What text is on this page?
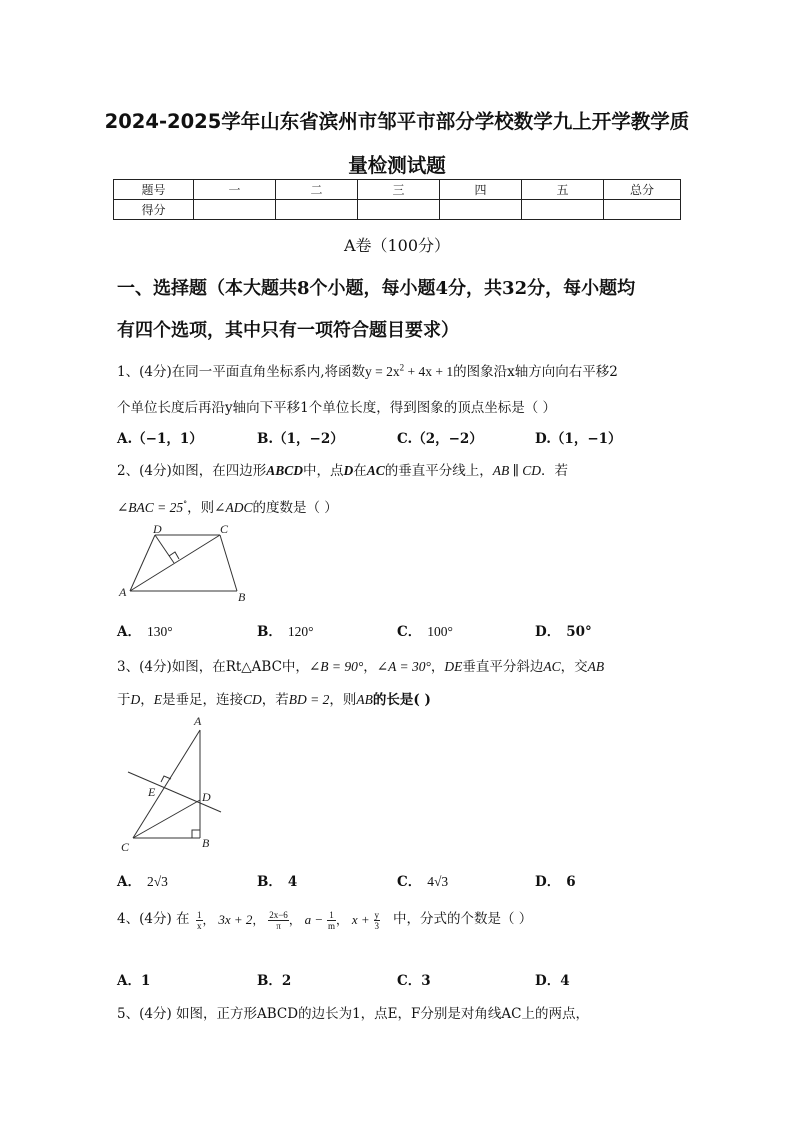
2024-2025学年山东省滨州市邹平市部分学校数学九上开学教学质
量检测试题
题号	一	二	三	四	五	总分
得分						
A卷（100分）
一、选择题（本大题共8个小题，每小题4分，共32分，每小题均
有四个选项，其中只有一项符合题目要求）
1、(4分)在同一平面直角坐标系内,将函数$y = 2x^2 + 4x + 1$的图象沿x轴方向向右平移2
个单位长度后再沿y轴向下平移1个单位长度，得到图象的顶点坐标是（ ）
A.（−1，1）	B.（1，−2）	C.（2，−2）	D.（1，−1）
2、(4分)如图，在四边形ABCD中，点D在AC的垂直平分线上，AB ∥ CD．若
∠BAC = 25°，则∠ADC的度数是（ ）
D	C
A	B
A． 130°	B． 120°	C． 100°	D． 50°
3、(4分)如图，在Rt△ABC中，∠B = 90°，∠A = 30°，DE垂直平分斜边AC，交AB
于D，E是垂足，连接CD，若BD = 2，则AB的长是( )
A
E	D
C	B
A． 2√3	B． 4	C． 4√3	D． 6
4、(4分) 在 $\frac{1}{x}$ ， 3x + 2， $\frac{2x-6}{\pi}$ ， $a - \frac{1}{m}$ ， $x + \frac{y}{3}$ 中，分式的个数是（ ）
A．1	B．2	C．3	D．4
5、(4分) 如图，正方形ABCD的边长为1，点E，F分别是对角线AC上的两点，
